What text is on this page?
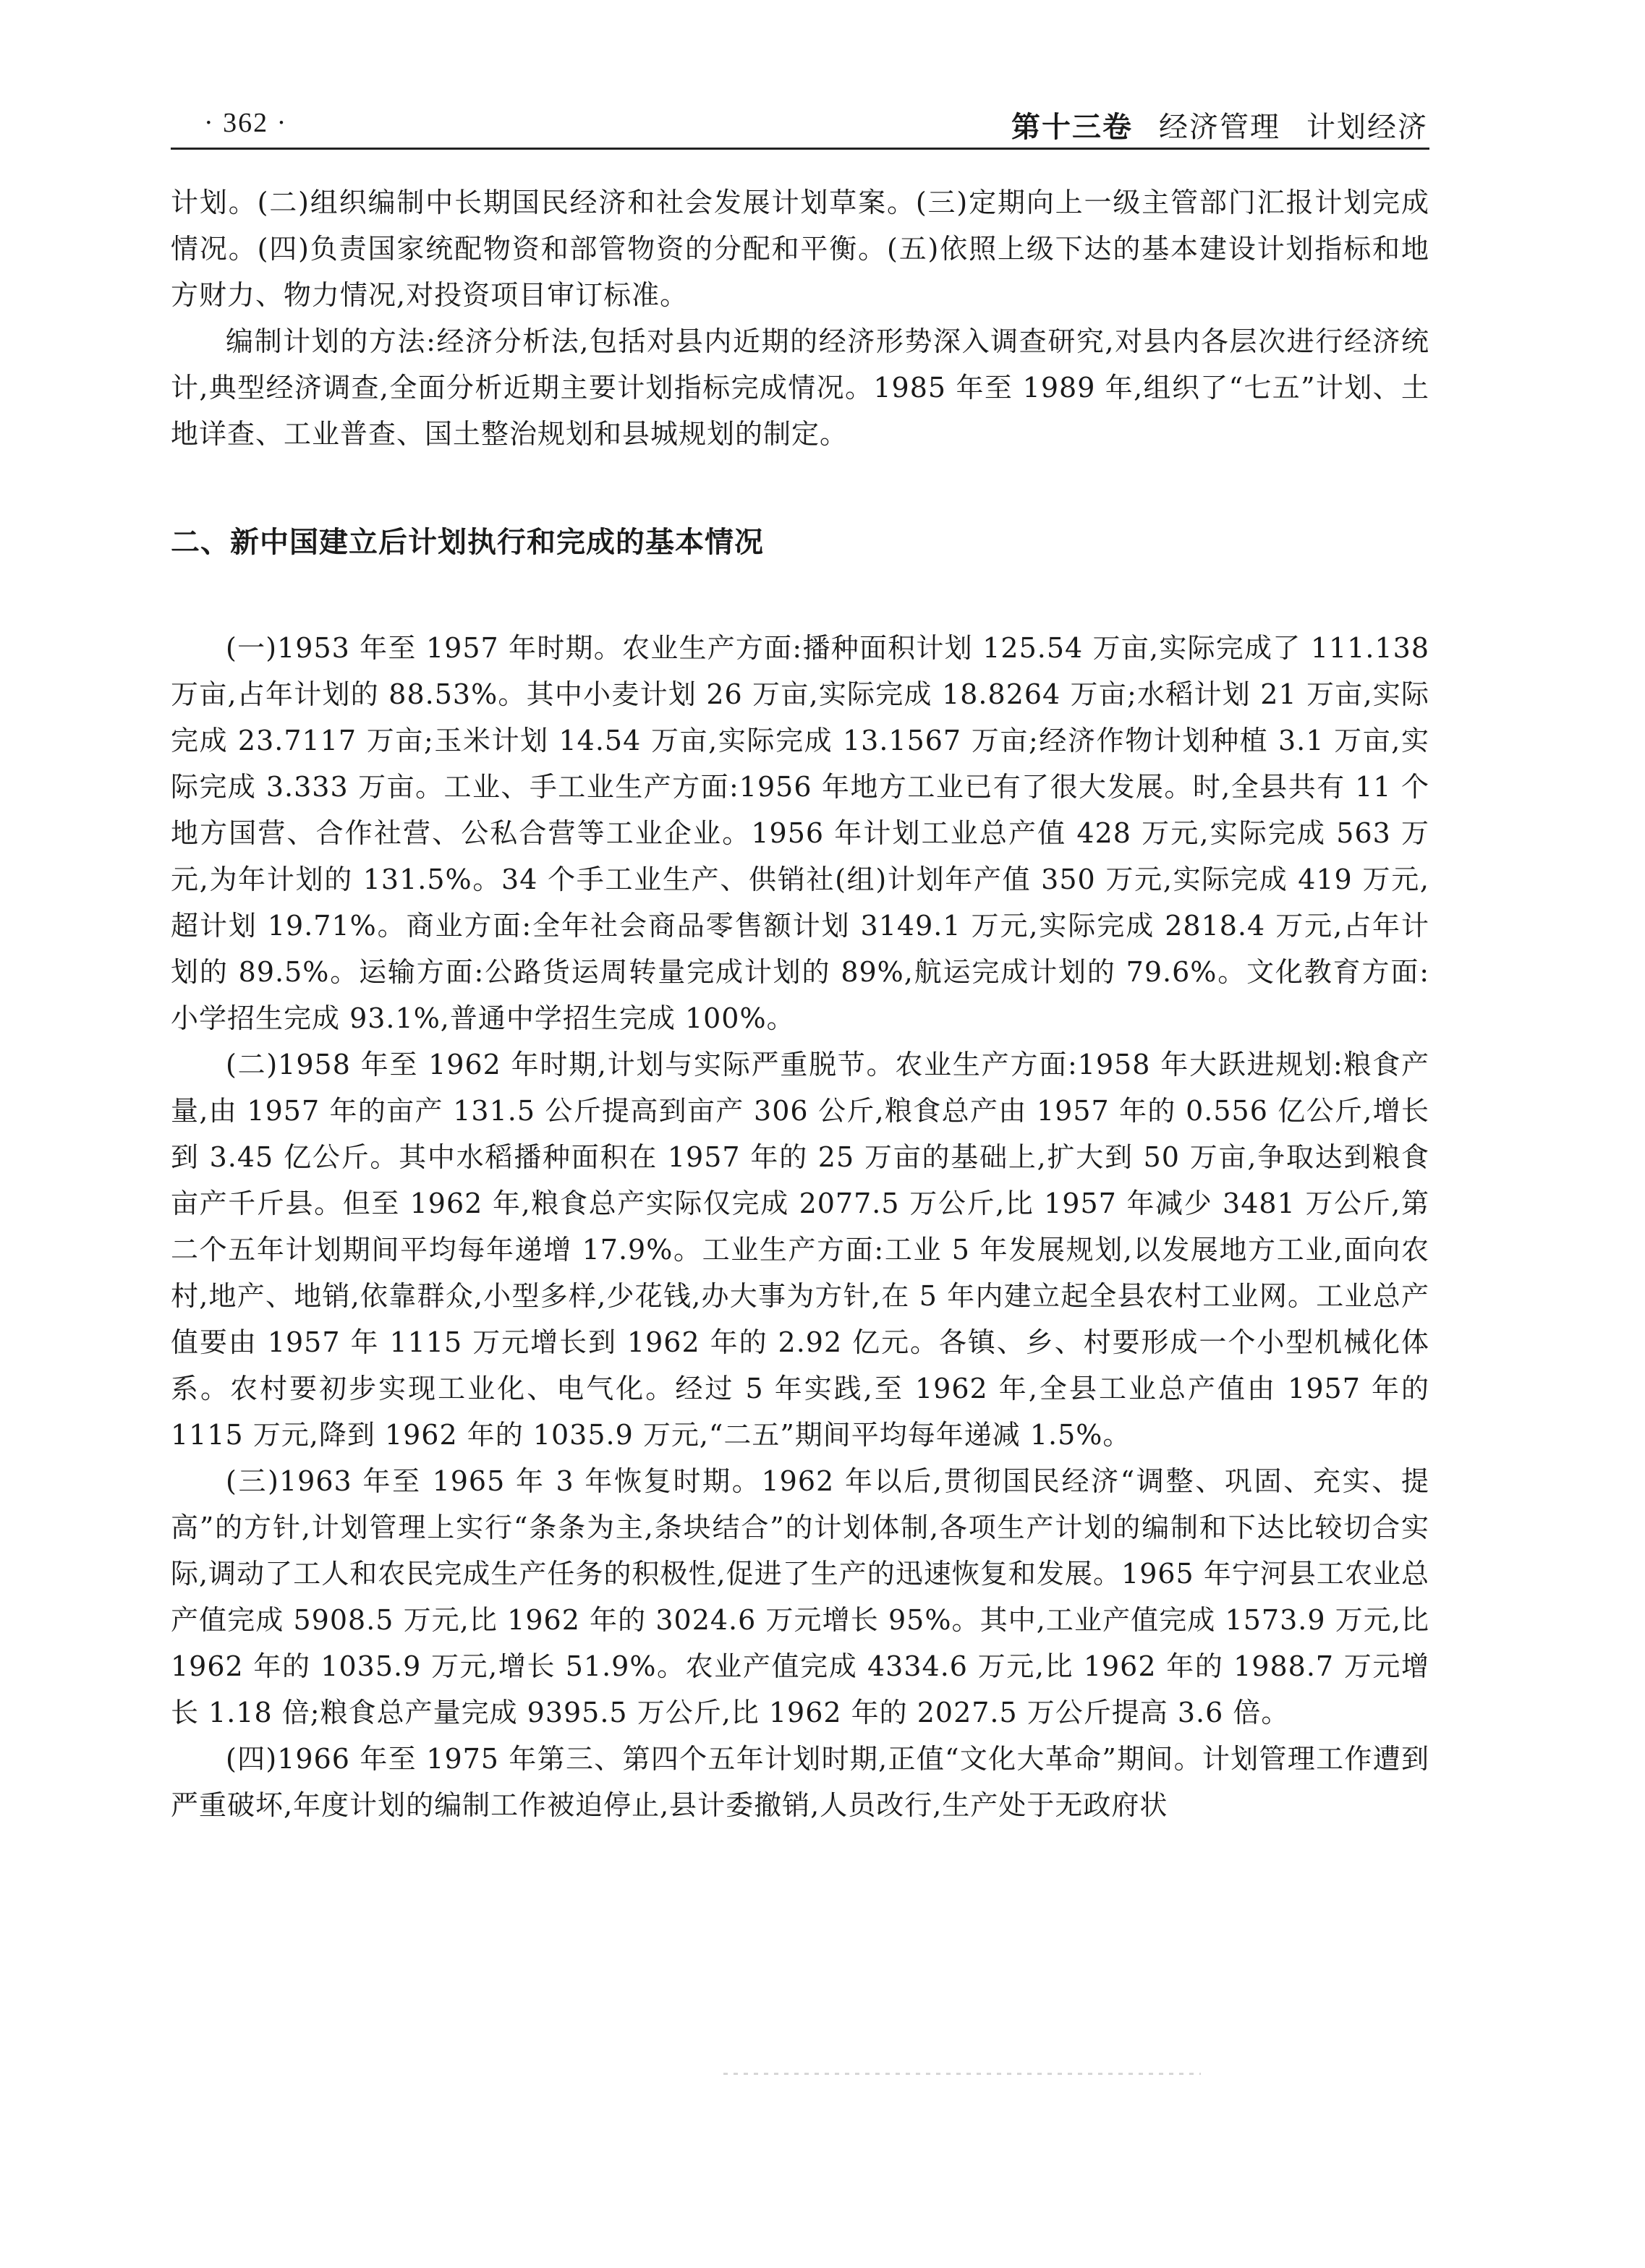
· 362 ·	第十三卷 经济管理 计划经济

计划。(二)组织编制中长期国民经济和社会发展计划草案。(三)定期向上一级主管部门汇报计划完成情况。(四)负责国家统配物资和部管物资的分配和平衡。(五)依照上级下达的基本建设计划指标和地方财力、物力情况,对投资项目审订标准。

编制计划的方法:经济分析法,包括对县内近期的经济形势深入调查研究,对县内各层次进行经济统计,典型经济调查,全面分析近期主要计划指标完成情况。1985 年至 1989 年,组织了“七五”计划、土地详查、工业普查、国土整治规划和县城规划的制定。

二、新中国建立后计划执行和完成的基本情况

(一)1953 年至 1957 年时期。农业生产方面:播种面积计划 125.54 万亩,实际完成了 111.138万亩,占年计划的 88.53%。其中小麦计划 26 万亩,实际完成 18.8264 万亩;水稻计划 21 万亩,实际完成 23.7117 万亩;玉米计划 14.54 万亩,实际完成 13.1567 万亩;经济作物计划种植 3.1 万亩,实际完成 3.333 万亩。工业、手工业生产方面:1956 年地方工业已有了很大发展。时,全县共有 11 个地方国营、合作社营、公私合营等工业企业。1956 年计划工业总产值 428 万元,实际完成 563 万元,为年计划的 131.5%。34 个手工业生产、供销社(组)计划年产值 350 万元,实际完成 419 万元,超计划 19.71%。商业方面:全年社会商品零售额计划 3149.1 万元,实际完成 2818.4 万元,占年计划的 89.5%。运输方面:公路货运周转量完成计划的 89%,航运完成计划的 79.6%。文化教育方面:小学招生完成 93.1%,普通中学招生完成 100%。

(二)1958 年至 1962 年时期,计划与实际严重脱节。农业生产方面:1958 年大跃进规划:粮食产量,由 1957 年的亩产 131.5 公斤提高到亩产 306 公斤,粮食总产由 1957 年的 0.556 亿公斤,增长到 3.45 亿公斤。其中水稻播种面积在 1957 年的 25 万亩的基础上,扩大到 50 万亩,争取达到粮食亩产千斤县。但至 1962 年,粮食总产实际仅完成 2077.5 万公斤,比 1957 年减少 3481 万公斤,第二个五年计划期间平均每年递增 17.9%。工业生产方面:工业 5 年发展规划,以发展地方工业,面向农村,地产、地销,依靠群众,小型多样,少花钱,办大事为方针,在 5 年内建立起全县农村工业网。工业总产值要由 1957 年 1115 万元增长到 1962 年的 2.92 亿元。各镇、乡、村要形成一个小型机械化体系。农村要初步实现工业化、电气化。经过 5 年实践,至 1962 年,全县工业总产值由 1957 年的 1115 万元,降到 1962 年的 1035.9 万元,“二五”期间平均每年递减 1.5%。

(三)1963 年至 1965 年 3 年恢复时期。1962 年以后,贯彻国民经济“调整、巩固、充实、提高”的方针,计划管理上实行“条条为主,条块结合”的计划体制,各项生产计划的编制和下达比较切合实际,调动了工人和农民完成生产任务的积极性,促进了生产的迅速恢复和发展。1965 年宁河县工农业总产值完成 5908.5 万元,比 1962 年的 3024.6 万元增长 95%。其中,工业产值完成 1573.9 万元,比 1962 年的 1035.9 万元,增长 51.9%。农业产值完成 4334.6 万元,比 1962 年的 1988.7 万元增长 1.18 倍;粮食总产量完成 9395.5 万公斤,比 1962 年的 2027.5 万公斤提高 3.6 倍。

(四)1966 年至 1975 年第三、第四个五年计划时期,正值“文化大革命”期间。计划管理工作遭到严重破坏,年度计划的编制工作被迫停止,县计委撤销,人员改行,生产处于无政府状
